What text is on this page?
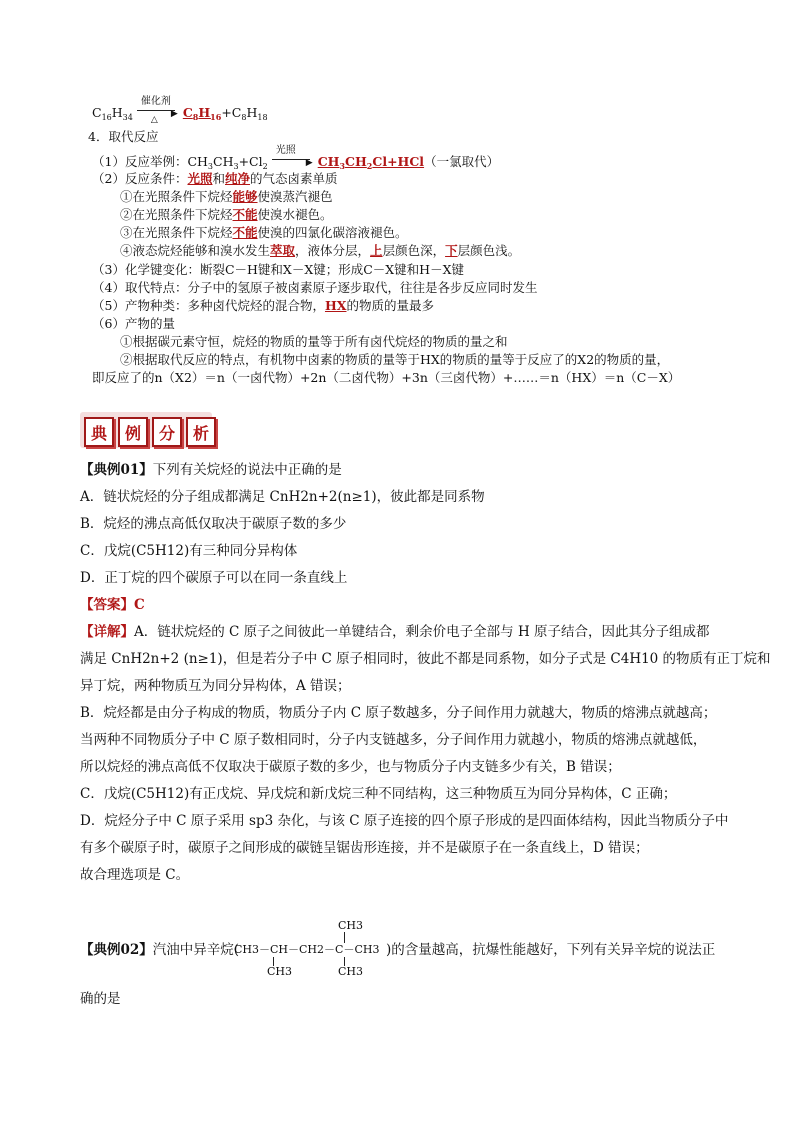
$C_{16}H_{34}$
催化剂
▶
△ $C_8H_{16}+C_8H_{18}$
4．取代反应
（1）反应举例：$CH_3CH_3+Cl_2$
光照
▶ $CH_3CH_2Cl+HCl$（一氯取代）
（2）反应条件：光照和纯净的气态卤素单质
①在光照条件下烷烃能够使溴蒸汽褪色
②在光照条件下烷烃不能使溴水褪色。
③在光照条件下烷烃不能使溴的四氯化碳溶液褪色。
④液态烷烃能够和溴水发生萃取，液体分层，上层颜色深，下层颜色浅。
（3）化学键变化：断裂C－H键和X－X键；形成C－X键和H－X键
（4）取代特点：分子中的氢原子被卤素原子逐步取代，往往是各步反应同时发生
（5）产物种类：多种卤代烷烃的混合物，HX的物质的量最多
（6）产物的量
①根据碳元素守恒，烷烃的物质的量等于所有卤代烷烃的物质的量之和
②根据取代反应的特点，有机物中卤素的物质的量等于HX的物质的量等于反应了的X2的物质的量，
即反应了的n（X2）＝n（一卤代物）+2n（二卤代物）+3n（三卤代物）+……＝n（HX）＝n（C－X）
典	例	分	析
【典例01】下列有关烷烃的说法中正确的是
A．链状烷烃的分子组成都满足 CnH2n+2(n≥1)，彼此都是同系物
B．烷烃的沸点高低仅取决于碳原子数的多少
C．戊烷(C5H12)有三种同分异构体
D．正丁烷的四个碳原子可以在同一条直线上
【答案】C
【详解】A．链状烷烃的 C 原子之间彼此一单键结合，剩余价电子全部与 H 原子结合，因此其分子组成都
满足 CnH2n+2 (n≥1)，但是若分子中 C 原子相同时，彼此不都是同系物，如分子式是 C4H10 的物质有正丁烷和
异丁烷，两种物质互为同分异构体，A 错误；
B．烷烃都是由分子构成的物质，物质分子内 C 原子数越多，分子间作用力就越大，物质的熔沸点就越高；
当两种不同物质分子中 C 原子数相同时，分子内支链越多，分子间作用力就越小，物质的熔沸点就越低，
所以烷烃的沸点高低不仅取决于碳原子数的多少，也与物质分子内支链多少有关，B 错误；
C．戊烷(C5H12)有正戊烷、异戊烷和新戊烷三种不同结构，这三种物质互为同分异构体，C 正确；
D．烷烃分子中 C 原子采用 sp3 杂化，与该 C 原子连接的四个原子形成的是四面体结构，因此当物质分子中
有多个碳原子时，碳原子之间形成的碳链呈锯齿形连接，并不是碳原子在一条直线上，D 错误；
故合理选项是 C。
【典例02】汽油中异辛烷(
CH3－CH－CH2－C－CH3
CH3
CH3	CH3
)的含量越高，抗爆性能越好，下列有关异辛烷的说法正
确的是
